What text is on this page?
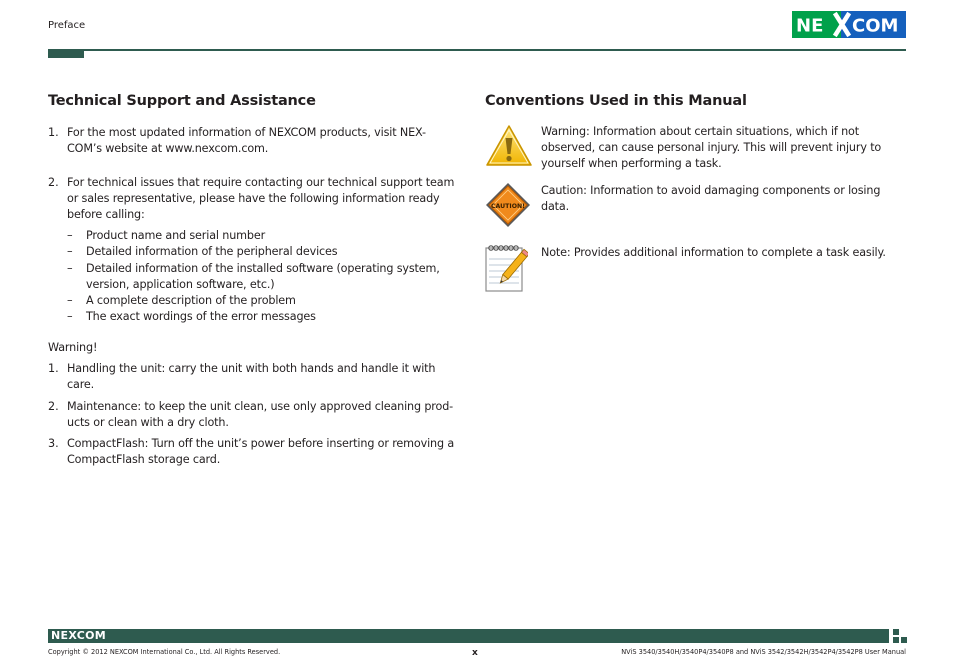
Preface	NE COM
Technical Support and Assistance
1. For the most updated information of NEXCOM products, visit NEX-
COM’s website at www.nexcom.com.
2. For technical issues that require contacting our technical support team
or sales representative, please have the following information ready
before calling:
– Product name and serial number
– Detailed information of the peripheral devices
– Detailed information of the installed software (operating system,
version, application software, etc.)
– A complete description of the problem
– The exact wordings of the error messages
Warning!
1. Handling the unit: carry the unit with both hands and handle it with
care.
2. Maintenance: to keep the unit clean, use only approved cleaning prod-
ucts or clean with a dry cloth.
3. CompactFlash: Turn off the unit’s power before inserting or removing a
CompactFlash storage card.
Conventions Used in this Manual
Warning: Information about certain situations, which if not
observed, can cause personal injury. This will prevent injury to
yourself when performing a task.
CAUTION!
Caution: Information to avoid damaging components or losing
data.
Note: Provides additional information to complete a task easily.
NEXCOM
Copyright © 2012 NEXCOM International Co., Ltd. All Rights Reserved.	x	NViS 3540/3540H/3540P4/3540P8 and NViS 3542/3542H/3542P4/3542P8 User Manual
